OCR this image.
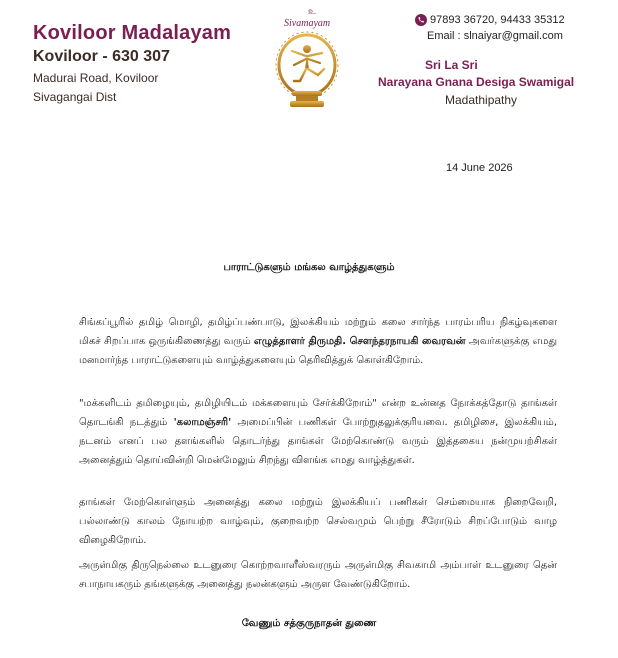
Koviloor Madalayam
Koviloor - 630 307
Madurai Road, Koviloor
Sivagangai Dist
உ
Sivamayam	97893 36720, 94433 35312
Email : slnaiyar@gmail.com
Sri La Sri
Narayana Gnana Desiga Swamigal
Madathipathy
14 June 2026
பாராட்டுகளும் மங்கல வாழ்த்துகளும்

சிங்கப்பூரில் தமிழ் மொழி, தமிழ்ப்பண்பாடு, இலக்கியம் மற்றும் கலை சார்ந்த பாரம்பரிய நிகழ்வுகளை மிகச் சிறப்பாக ஒருங்கிணைத்து வரும் எழுத்தாளர் திருமதி. சௌந்தரநாயகி வைரவன் அவர்களுக்கு எமது மனமார்ந்த பாராட்டுகளையும் வாழ்த்துகளையும் தெரிவித்துக் கொள்கிறோம்.

"மக்களிடம் தமிழையும், தமிழியிடம் மக்களையும் சேர்க்கிறோம்" என்ற உன்னத நோக்கத்தோடு தாங்கள் தொடங்கி நடத்தும் 'கலாமஞ்சரி' அமைப்பின் பணிகள் போற்றுதலுக்குரியவை. தமிழிசை, இலக்கியம், நடனம் எனப் பல தளங்களில் தொடர்ந்து தாங்கள் மேற்கொண்டு வரும் இத்தகைய நன்முயற்சிகள் அனைத்தும் தொய்வின்றி மென்மேலும் சிறந்து விளங்க எமது வாழ்த்துகள்.

தாங்கள் மேற்கொள்ளும் அனைத்து கலை மற்றும் இலக்கியப் பணிகள் செம்மையாக நிறைவேறி, பல்லாண்டு காலம் நோயற்ற வாழ்வும், குறைவற்ற செல்வமும் பெற்று சீரோடும் சிறப்போடும் வாழ விழைகிறோம்.

அருள்மிகு திருநெல்லை உடனுரை கொற்றவாளீஸ்வரரும் அருள்மிகு சிவகாமி அம்பாள் உடனுரை தென் சபாநாயகரும் தங்களுக்கு அனைத்து நலன்களும் அருள வேண்டுகிறோம்.

வேணும் சத்குருநாதன் துணை
